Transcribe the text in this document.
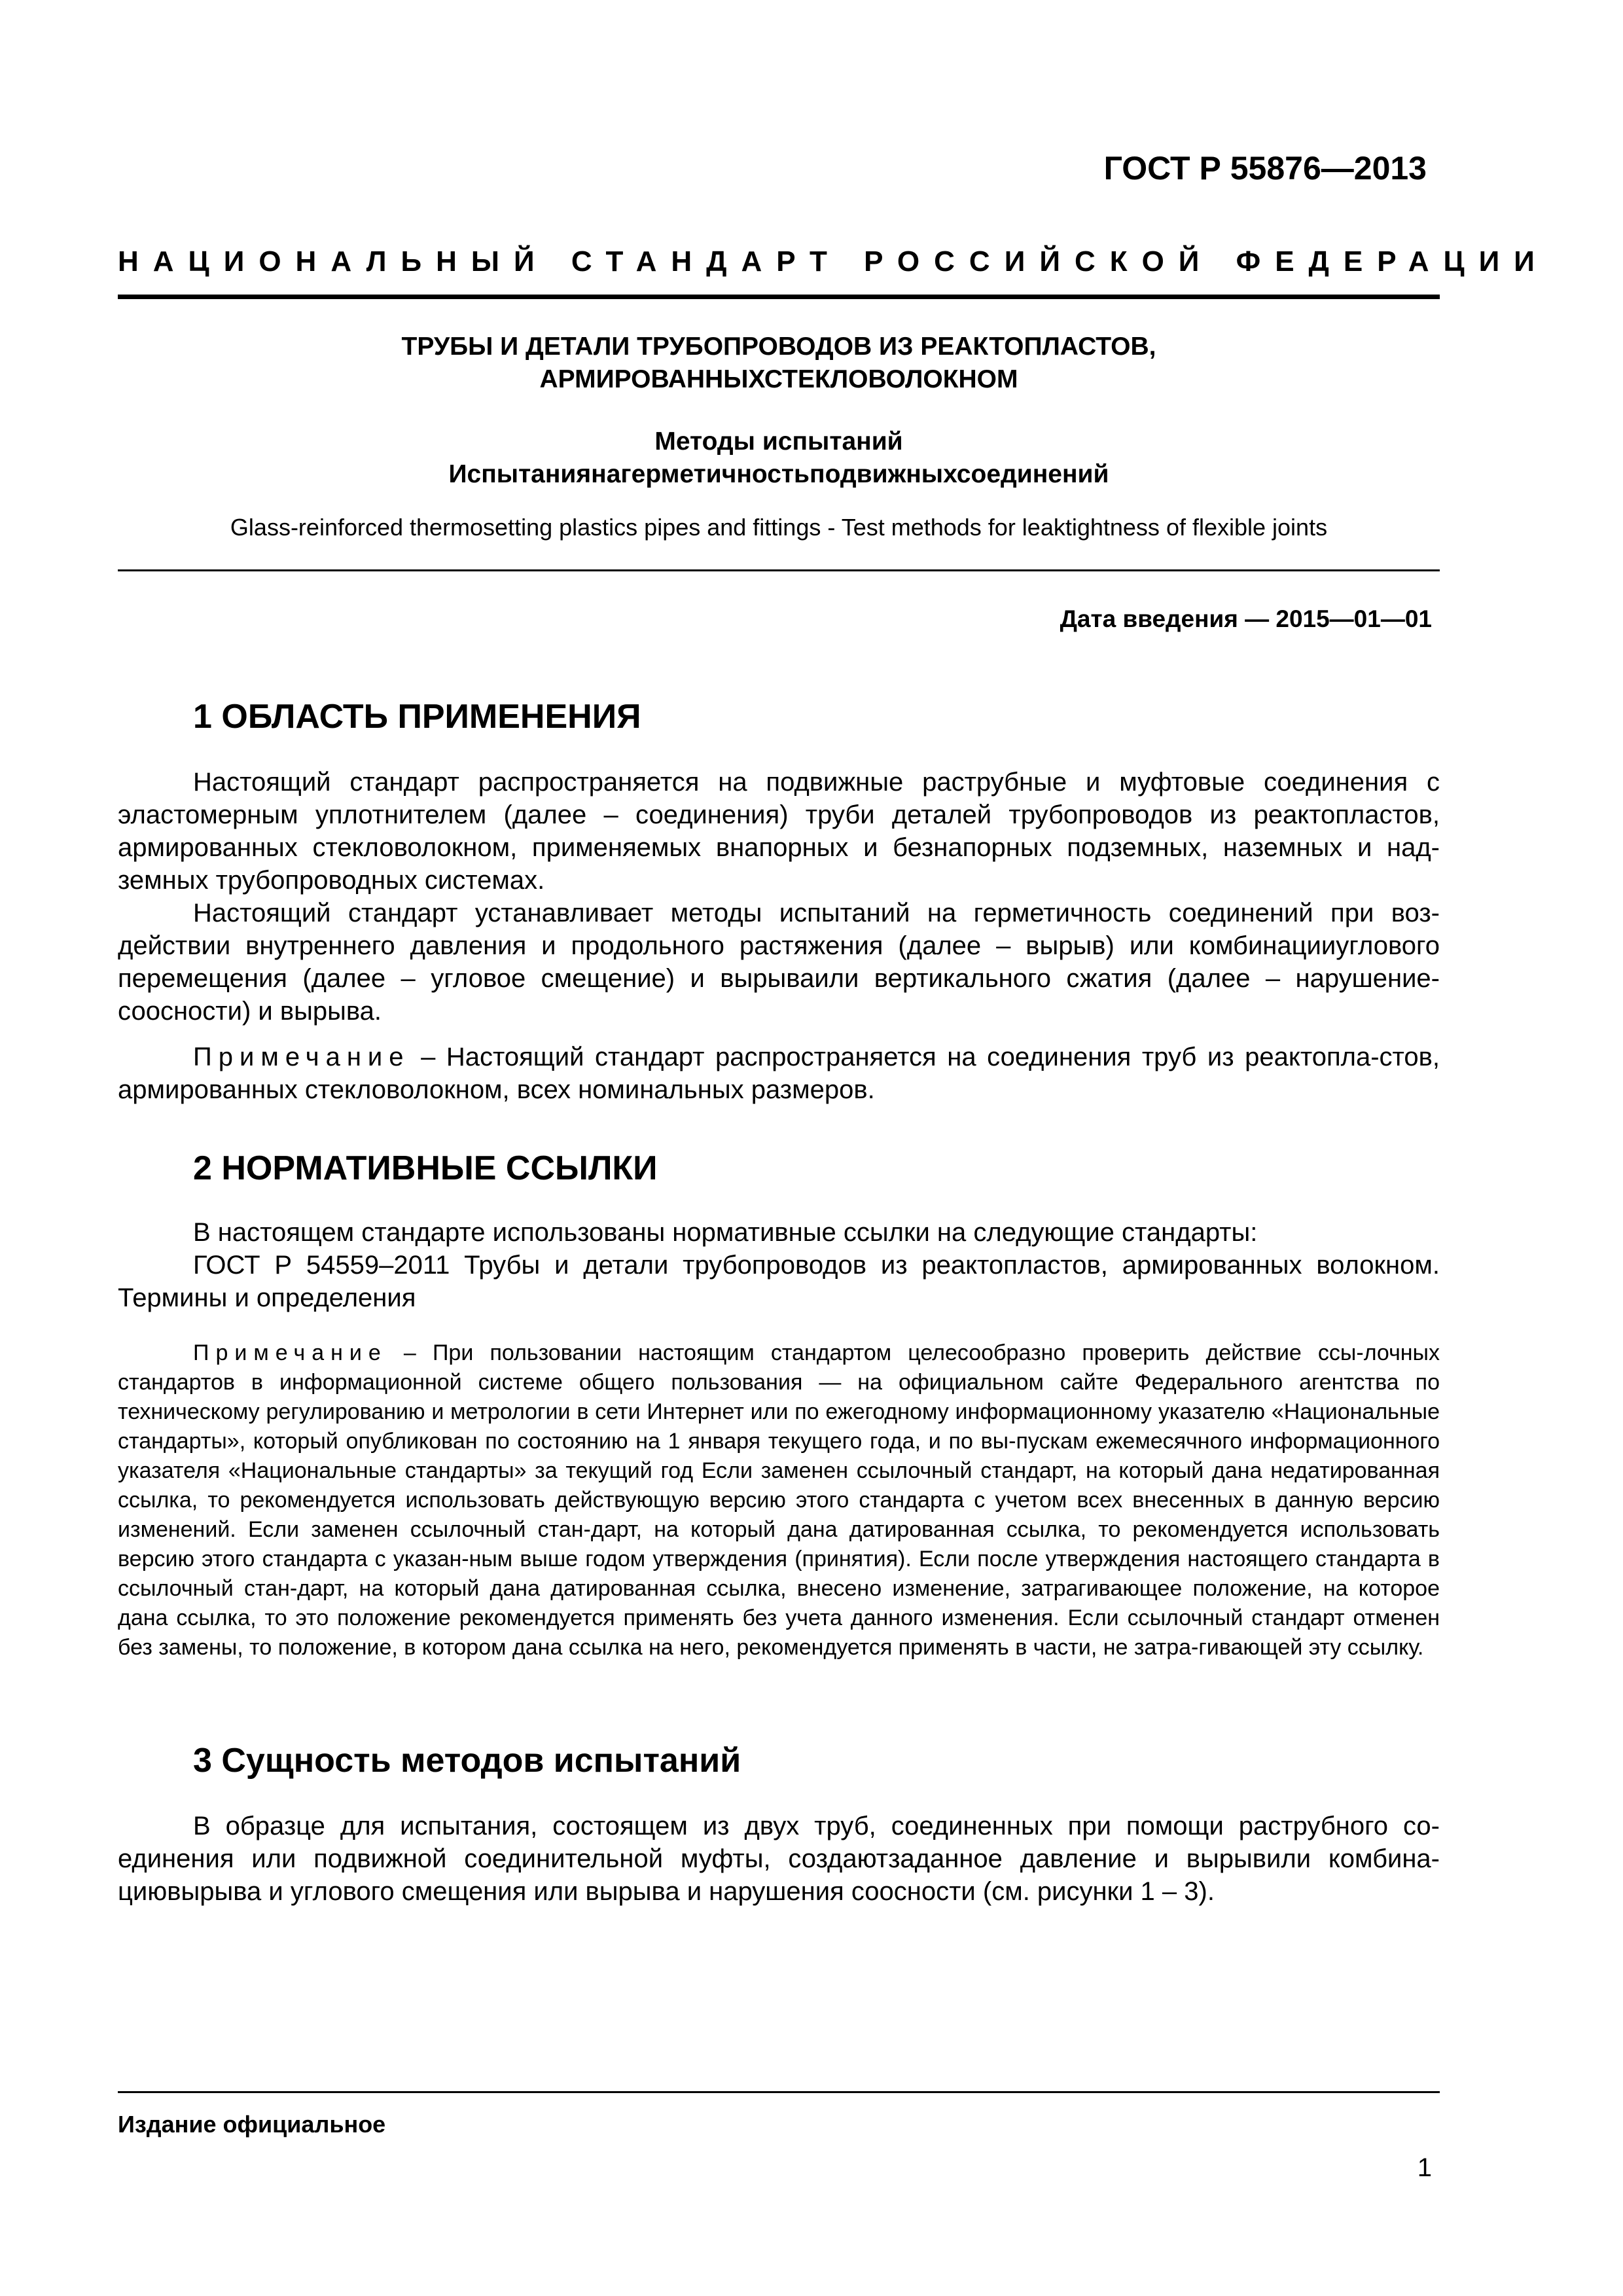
ГОСТ Р 55876—2013
НАЦИОНАЛЬНЫЙ СТАНДАРТ РОССИЙСКОЙ ФЕДЕРАЦИИ
ТРУБЫ И ДЕТАЛИ ТРУБОПРОВОДОВ ИЗ РЕАКТОПЛАСТОВ,
АРМИРОВАННЫХСТЕКЛОВОЛОКНОМ
Методы испытаний
Испытаниянагерметичностьподвижныхсоединений
Glass-reinforced thermosetting plastics pipes and fittings - Test methods for leaktightness of flexible joints
Дата введения — 2015—01—01
1 ОБЛАСТЬ ПРИМЕНЕНИЯ

Настоящий стандарт распространяется на подвижные раструбные и муфтовые соединения с эластомерным уплотнителем (далее – соединения) труби деталей трубопроводов из реактопластов, армированных стекловолокном, применяемых внапорных и безнапорных подземных, наземных и над-земных трубопроводных системах.

Настоящий стандарт устанавливает методы испытаний на герметичность соединений при воз-действии внутреннего давления и продольного растяжения (далее – вырыв) или комбинацииуглового перемещения (далее – угловое смещение) и вырываили вертикального сжатия (далее – нарушение-соосности) и вырыва.

Примечание – Настоящий стандарт распространяется на соединения труб из реактопла-стов, армированных стекловолокном, всех номинальных размеров.

2 НОРМАТИВНЫЕ ССЫЛКИ

В настоящем стандарте использованы нормативные ссылки на следующие стандарты:

ГОСТ Р 54559–2011 Трубы и детали трубопроводов из реактопластов, армированных волокном. Термины и определения

Примечание – При пользовании настоящим стандартом целесообразно проверить действие ссы-лочных стандартов в информационной системе общего пользования — на официальном сайте Федерального агентства по техническому регулированию и метрологии в сети Интернет или по ежегодному информационному указателю «Национальные стандарты», который опубликован по состоянию на 1 января текущего года, и по вы-пускам ежемесячного информационного указателя «Национальные стандарты» за текущий год Если заменен ссылочный стандарт, на который дана недатированная ссылка, то рекомендуется использовать действующую версию этого стандарта с учетом всех внесенных в данную версию изменений. Если заменен ссылочный стан-дарт, на который дана датированная ссылка, то рекомендуется использовать версию этого стандарта с указан-ным выше годом утверждения (принятия). Если после утверждения настоящего стандарта в ссылочный стан-дарт, на который дана датированная ссылка, внесено изменение, затрагивающее положение, на которое дана ссылка, то это положение рекомендуется применять без учета данного изменения. Если ссылочный стандарт отменен без замены, то положение, в котором дана ссылка на него, рекомендуется применять в части, не затра-гивающей эту ссылку.

3 Сущность методов испытаний

В образце для испытания, состоящем из двух труб, соединенных при помощи раструбного со-единения или подвижной соединительной муфты, создаютзаданное давление и вырывили комбина-циювырыва и углового смещения или вырыва и нарушения соосности (см. рисунки 1 – 3).

Издание официальное
1
